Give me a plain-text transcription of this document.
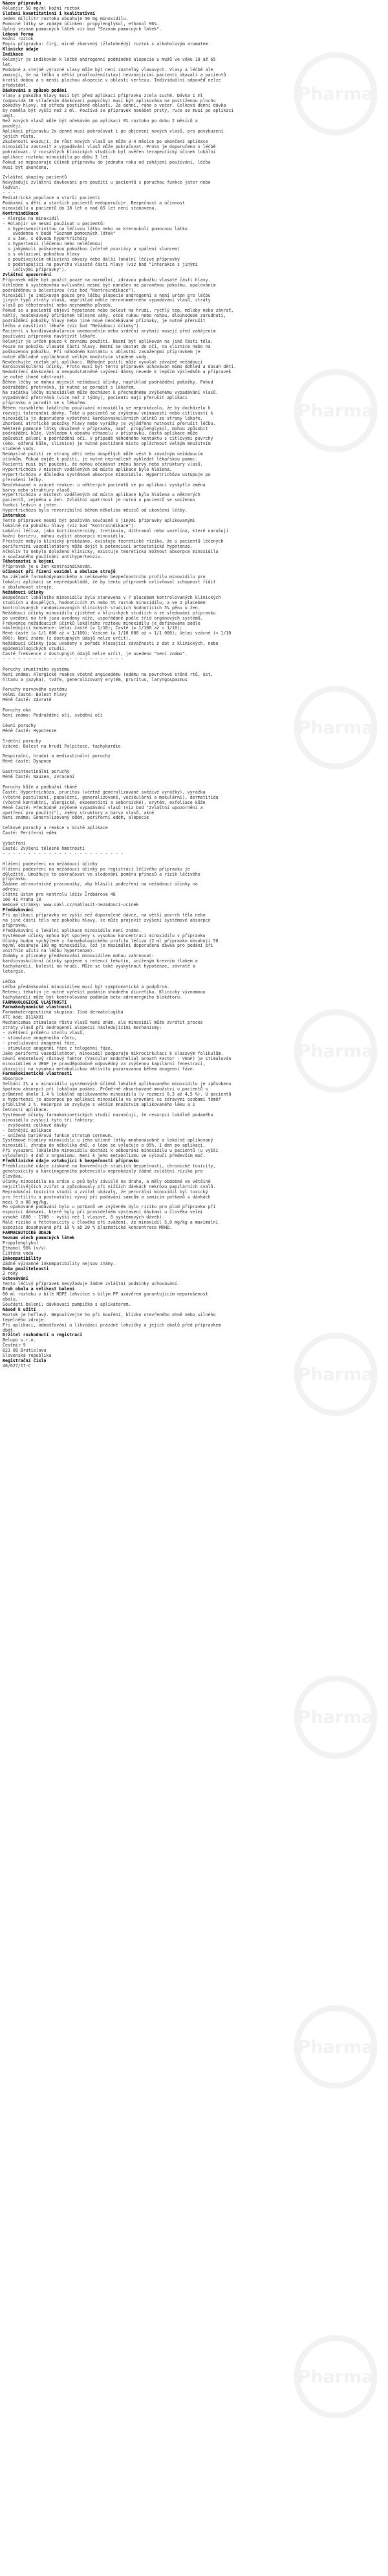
Pharma
Pharma
Pharma
Pharma
Pharma
Pharma
Pharma
Pharma
Název přípravku
Rolanjir 50 mg/ml kožní roztok
Složení kvantitativní i kvalitativní
Jeden mililitr roztoku obsahuje 50 mg minoxidilu.
Pomocné látky se známým účinkem: propylenglykol, ethanol 96%.
Úplný seznam pomocných látek viz bod "Seznam pomocných látek".
Léková forma
Kožní roztok
Popis přípravku: čirý, mírně zbarvený (žlutohnědý) roztok s alkoholovým aromatem.
Klinické údaje
Indikace
Rolanjir je indikován k léčbě androgenní podmíněné alopecie u mužů ve věku 18 až 65
let.
Podobné a stejně výrazné vlasy může být není znateľný vlasových. Vlasy a léčbě ale
zmazují, že na léčbu u větší prodloužení(stav) nevznajícími pacienti ukazali a pacientů
kratší dobou a s menší plochou alopecie v oblasti vertexu. Individuální odpověď nelze
předvídat.
Dávkování a způsob podání
Vlasy a pokožka hlavy musí být před aplikací přípravku zcela suché. Dávka 1 ml
(odpovídá 10 stlačením dávkovací pumpičky) musí být aplikována na postiženou plochu
pokožky hlavy, od středu postižené oblasti. Za denní, ráno a večer. Celková denní dávka
by neměla být vyšší než 2 ml. Používá se přípravek nanášet prsty, ruce se musí po aplikaci
umýt.
Než nových vlasů může být očekáván po aplikaci 0% roztoku po dobu 2 měsíců a
později.
Aplikaci přípravku 2x denně musí pokračovat i po objevení nových vlasů, pro povzbuzení
jejich růstu.
Zkušenosti ukazují, že růst nových vlasů se může 3-4 měsíce po ukončení aplikace
minoxidilu zastavit a vypadávání vlasů může pokračovat. Proto je doporučeno v léčbě
pokračovat. V rozsáhlých klinických studiích byl ověřen terapeutický účinek lokální
aplikace roztoku minoxidilu po dobu 3 let.
Pokud se nepozoruje účinek přípravku do jednoho roku od zahájení používání, léčba
musí být ukončena.
Zvláštní skupiny pacientů
Nevyžadují zvláštní dávkování pro použití u pacientů s poruchou funkce jater nebo
ledvin.
- - -
Pediatrická populace a starší pacienti
Podávání u dětí a starších pacientů nedoporučuje. Bezpečnost a účinnost
minoxidilu u pacientů do 18 let a nad 65 let není stanovena.
Kontraindikace
- Alergie na minoxidil
- Rolanjir se nesmí používat u pacientů:
o hypersenzitivitou na léčivou látku nebo na kteroukoli pomocnou látku
uvedenou v bodě "Seznam pomocných látek"
o u žen, s důvodu hypertrichózy
o hypertenzí (léčenou nebo neléčenou)
o jakýmkoli poškozenou pokožkou (včetně psoriázy a spálení sluncem)
o s okluzivní pokožkou hlavy
o používajícím okluzivní obvazy nebo další lokální léčivé přípravky
o podstupující na povrchu vlasaté části hlavy (viz bod "Interakce s jinými
léčivými přípravky").
Zvláštní upozornění
Přípravek může být použit pouze na normální, zdravou pokožku vlasaté části hlavy.
Vzhledem k systémovému ovlivnění nesmí být nanášen na poraněnou pokožku, opalováním
podrážděnou a bolestivou (viz bod "Kontraindikace").
Minoxidil je indikován pouze pro léčbu alopecie androgenní a není určen pro léčbu
jiných typů ztráty vlasů, například náhle nerovnoměrného vypadávání vlasů, ztráty
vlasů po těhotenství nebo neznámého původu.
Pokud se u pacientů objeví hypotenze nebo bolest na hrudi, rychlý tep, mdloby nebo závrať,
náhlý, neočekávaný přírůstek tělesné váhy, otok rukou nebo nohou, dlouhodobé zarudnutí,
podráždění pokožky hlavy nebo jiné nové neočekávané příznaky, je nutné přerušit
léčbu a navštívit lékaře (viz bod "Nežádoucí účinky").
Pacienti s kardiovaskulárním onemocněním nebo srdeční arytmií musejí před zahájením
používání přípravku navštívit lékaře.
Rolanjir je určen pouze k zevnímu použití. Nesmí být aplikován na jiné části těla.
Pouze na pokožku vlasaté části hlavy. Nesmí se dostat do očí, na sliznice nebo na
poškozenou pokožku. Při náhodném kontaktu s oblastmi zasaženými přípravkem je
nutné důkladně vypláchnout velkým množstvím studené vody.
Nevdechujte roztok při aplikaci. Náhodné požití může vyvolat závažné nežádoucí
kardiovaskulární účinky. Proto musí být tento přípravek uchováván mimo dohled a dosah dětí.
Nedodržení dávkování a neopodstatněné zvýšení dávky nevede k lepším výsledkům a přípravek
je nutné ihned odstranit.
Během léčby se mohou objevit nežádoucí účinky, například podráždění pokožky. Pokud
podráždění přetrvává, je nutné se poradit s lékařem.
Na začátku léčby minoxidilem může docházet k přechodnému zvýšenému vypadávání vlasů.
Vypadávání přetrvává (více než 2 týdny), pacienti mají přerušit aplikaci
přípravku a poradit se s lékařem.
Během rozsáhlého lokálního používání minoxidilu se neprokázalo, že by docházelo k
rozvoji toleranční dávky. Také u pacientů se zvýšenou vnímavostí nebo citlivostí k
minoxidilu je doporučeno vyšetření kardiovaskulárních účinků ze strany lékaře.
Zhoršení atrofické pokožky hlavy nebo vyrážky je vyjádřeno nutností přerušit léčbu.
Některé pomocné látky obsažené v přípravku, např. propylenglykol, mohou způsobit
podráždění kůže. Vzhledem k obsahu ethanolu v přípravku, častá aplikace může
způsobit pálení a podráždění očí. V případě náhodného kontaktu s citlivými povrchy
(oko, odřená kůže, sliznice) je nutné postižené místo opláchnout velkým množstvím
studené vody.
Neúmyslné požití ze strany dětí nebo dospělých může vést k závažným nežádoucím
účinkům. Pokud dojde k požití, je nutné neprodleně vyhledat lékařskou pomoc.
Pacienti musí být poučeni, že mohou očekávat změnu barvy nebo struktury vlasů.
Hypertrichóza v místech vzdálených od místa aplikace byla hlášena.
Hypertrichóza v důsledku systémové absorpce minoxidilu. Hypertrichóza ustupuje po
přerušení léčby.
Neočekávané a vzácné reakce: u některých pacientů se po aplikaci vyskytla změna
barvy nebo struktury vlasů.
Hypertrichóza v místech vzdálených od místa aplikace byla hlášena u některých
pacientů, zejména u žen. Zvláštní opatrnost je nutná u pacientů se sníženou
funkcí ledvin a jater.
Hypertrichóza byla reverzibilní během několika měsíců od ukončení léčby.
Interakce
Tento přípravek nesmí být používán současně s jinými přípravky aplikovanými
lokálně na pokožku hlavy (viz bod "Kontraindikace").
Lokální léčiva, jako kortikosteroidy, tretinoin, dithranol nebo vazelína, které narušují
kožní bariéru, mohou zvýšit absorpci minoxidilu.
Přestože nebylo klinicky prokázáno, existuje teoretické riziko, že u pacientů léčených
periferními vazodilatátory může dojít k potenciaci ortostatické hypotenze.
Ačkoliv to nebylo doloženo klinicky, existuje teoretická možnost absorpce minoxidilu
a současného používání antihypertenziv.
Těhotenství a kojení
Přípravek je u žen kontraindikován.
Účinnost při řízení vozidel a obsluze strojů
Na základě farmakodynamického a celkového bezpečnostního profilu minoxidilu pro
lokální aplikaci se nepředpokládá, že by tento přípravek ovlivňoval schopnost řídit
a obsluhovat stroje.
Nežádoucí účinky
Bezpečnost lokálního minoxidilu byla stanovena v 7 placebem kontrolovaných klinických
studiích u dospělých, hodnotících 2% nebo 5% roztok minoxidilu, a ve 2 placebem
kontrolovaných randomizovaných klinických studiích hodnotících 5% pěnu u žen.
Nežádoucí účinky minoxidilu zjištěné v klinických studiích a ze sledování přípravku
po uvedení na trh jsou uvedeny níže, uspořádané podle tříd orgánových systémů.
Frekvence nežádoucích účinků lokálního roztoku minoxidilu je definována podle
následující konvence: Velmi časté (≥ 1/10); Časté (≥ 1/100 až < 1/10);
Méně časté (≥ 1/1 000 až < 1/100); Vzácné (≥ 1/10 000 až < 1/1 000); Velmi vzácné (< 1/10
000); Není známo (z dostupných údajů nelze určit).
Nežádoucí účinky jsou uvedeny v pořadí klesající závažnosti z dat z klinických, nebo
epidemiologických studií.
Časté frekvence z dostupných údajů nelze určit, je uvedeno "není známo".
- - - - - - - - - - - - - - - - - - - - - - - -
Poruchy imunitního systému
Není známo: Alergické reakce včetně angioedému (edému na povrchové stěně rtů, úst,
hltanu a jazyka), tváře, generalizovaný erytém, pruritus, laryngospasmus
Poruchy nervového systému
Velmi časté: Bolest hlavy
Méně časté: Závratě
Poruchy oka
Není známo: Podráždění očí, svědění očí
Cévní poruchy
Méně časté: Hypotenze
Srdeční poruchy
Vzácné: Bolest na hrudi Palpitace, tachykardie
Respirační, hrudní a mediastinální poruchy
Méně časté: Dyspnoe
Gastrointestinální poruchy
Méně časté: Nauzea, zvracení
Poruchy kůže a podkožní tkáně
Časté: Hypertrichóza, pruritus (včetně generalizované svědivé vyrážky), vyrážka
(včetně pustulózní, papulózní, generalizované, vezikulární a makulární), dermatitida
(včetně kontaktní, alergické, ekzematózní a seboroické), erytém, exfoliace kůže
Méně časté: Přechodné zvýšené vypadávání vlasů (viz bod "Zvláštní upozornění a
opatření pro použití"), změny struktury a barvy vlasů, akné
Není známo: Generalizovaný edém, periferní edém, alopecie
Celkové poruchy a reakce v místě aplikace
Časté: Periferní edém
Vyšetření
Časté: Zvýšení tělesné hmotnosti
- - - - - - - - - - - - - - - - - - - - - - - -
Hlášení podezření na nežádoucí účinky
Hlášení podezření na nežádoucí účinky po registraci léčivého přípravku je
důležité. Umožňuje to pokračovat ve sledování poměru přínosů a rizik léčivého
přípravku.
Žádáme zdravotnické pracovníky, aby hlásili podezření na nežádoucí účinky na
adresu:
Státní ústav pro kontrolu léčiv Šrobárova 48
100 41 Praha 10
Webové stránky: www.sukl.cz/nahlasit-nezadouci-ucinek
Předávkování
Při aplikaci přípravku ve vyšší než doporučené dávce, na větší povrch těla nebo
na jiné části těla než pokožku hlavy, se může projevit zvýšení systémové absorpce
přípravku.
Předávkování s lokální aplikace minoxidilu není známo.
Systémové účinky mohou být spojeny s vysokou koncentrací minoxidilu v přípravku
Účinky budou vychýlené z farmakologického profilu léčiva (2 ml přípravku obsahují 50
mg/ml obsahuje 100 mg minoxidilu, což je maximální doporučená dávka pro podání při
vnitřním užití na léčbu hypertenze).
Známky a příznaky předávkování minoxidilem mohou zahrnovat:
kardiovaskulární účinky spojené s retencí tekutin, sníženým krevním tlakem a
tachykardií, bolestí na hrudi. Může se také vyskytnout hypotenze, závratě a
letargie.
Léčba
Léčba předávkování minoxidilem musí být symptomatická a podpůrná.
Retenci tekutin je nutné vyřešit podáním vhodného diuretika. Klinicky významnou
tachykardii může být kontrolována podáním beta-adrenergního blokátoru.
FARMAKOLOGICKÉ VLASTNOSTI
Farmakodynamické vlastnosti
Farmakoterapeutická skupina: Jiná dermatologika
ATC kód: D11AX01
Mechanismus stimulace růstu vlasů není znám, ale minoxidil může zvrátit proces
ztráty vlasů při androgenní alopecii následujícími mechanismy:
- zvětšení průměru stvolu vlasů,
- stimulace anagenního růstu,
- prodlužování anagenní fáze,
- stimulace anagenní fáze z telogenní fáze.
Jako periferní vazodilatátor, minoxidil podporuje mikrocirkulaci k vlasovým folikulům.
Cévní endotelový růstový faktor (Vascular Endothelial Growth Factor - VEGF) je stimulován
minoxidilem a VEGF je pravděpodobně odpovědný za zvýšenou kapilární fenestraci,
ukazující na vysokou metabolickou aktivitu pozorovanou během anagenní fáze.
Farmakokinetické vlastnosti
Absorpce
Selhání 2% a u minoxidilu systémových účinků lokálně aplikovaného minoxidilu je způsobeno
špatnou absorpcí při lokálním podání. Průměrně absorbované množství u pacientů s
průměrně okolo 1,4 % lokálně aplikovaného minoxidilu (v rozmezí 0,3 až 4,5 %). U pacientů
s hypertenzí je absorpce po aplikaci minoxidilu ve srovnání se zdravými osobami téměř
přibližně 2 %. Resorpce se zvyšuje s větším množstvím aplikovaného léku a s
četností aplikace.
Systémové účinky farmakokinetických studií naznačují, že resorpci lokálně podaného
minoxidilu zvyšují tyto tři faktory:
- zvyšování celkové dávky
- četnější aplikace
- snížená bariérová funkce stratum corneum.
Systémové hladiny minoxidilu u jeho účinné látky mnohonásobně a lokálně aplikovaný
minoxidil, zhruba do několika dnů, a lépe se vylučuje o 95%. 1 den po aplikaci.
Při vysazení lokálního minoxidilu dochází k odbourání minoxidilu u pacientů (u vyšší
vyloučení) 4 dnů z organismu. Není k jeho metabolizmu ve vyloučí především moč.
Předklinické údaje vztahující k bezpečnosti přípravku
Předklinické údaje získané na konvenčních studiích bezpečnosti, chronické toxicity,
genotoxicity a karcinogenního potenciálu neprokázaly žádné zvláštní riziko pro
člověka.
Účinky minoxidilu na srdce u psů byly závislé na druhu, a měly obdobné ve většině
nejcitlivějších zvířat a způsobovaly při nižších dávkách nekrózu papilárních svalů.
Reprodukční toxicita studií u zvířat ukázaly, že perorální minoxidil byl toxický
pro fertilitu a postnatální vývoj při podávání samcům a samicím potkanů v dávkách
mezi 9 a 80 mg/kg.
Po opakované podávání bylo u potkanů ve zvýšeném bylo riziko pro plod přípravku při
expozici dávkami, které byly při pravidelném vystavení dávkami u člověka velmi
vysoké (800 - 1700 - vyšší než 1 vlasové, 0 systémových dávek).
Malé riziko a fetotoxicity u člověka při zvážení, že minoxidil 5,0 mg/kg a maximální
expozice dosahovaná při 10 % až 20 % plazmatické koncentrace MRHD.
FARMACEUTICKÉ ÚDAJE
Seznam všech pomocných látek
Propylenglykol
Ethanol 96% (v/v)
Čištěná voda
Inkompatibility
Žádné významné inkompatibility nejsou známy.
Doba použitelnosti
2 roky
Uchovávání
Tento léčivý přípravek nevyžaduje žádné zvláštní podmínky uchovávání.
Druh obalu a velikost balení
60 ml roztoku v bílé HDPE lahvičce s bílým PP uzávěrem garantujícím neporušenost
obalu.
Součástí balení: dávkovací pumpička s aplikátorem.
Návod k užití
Roztok je hořlavý. Nepoužívejte ho při kouření, blízko otevřeného ohně nebo silného
tepelného zdroje.
Při aplikaci, odmašťování a likvidaci prázdné lahvičky a jejích obalů před přípravkem
dbát.
Držitel rozhodnutí o registraci
Belupo s.r.o.
Čestmír 9
821 08 Bratislava
Slovenská republika
Registrační číslo
46/627/17-C
